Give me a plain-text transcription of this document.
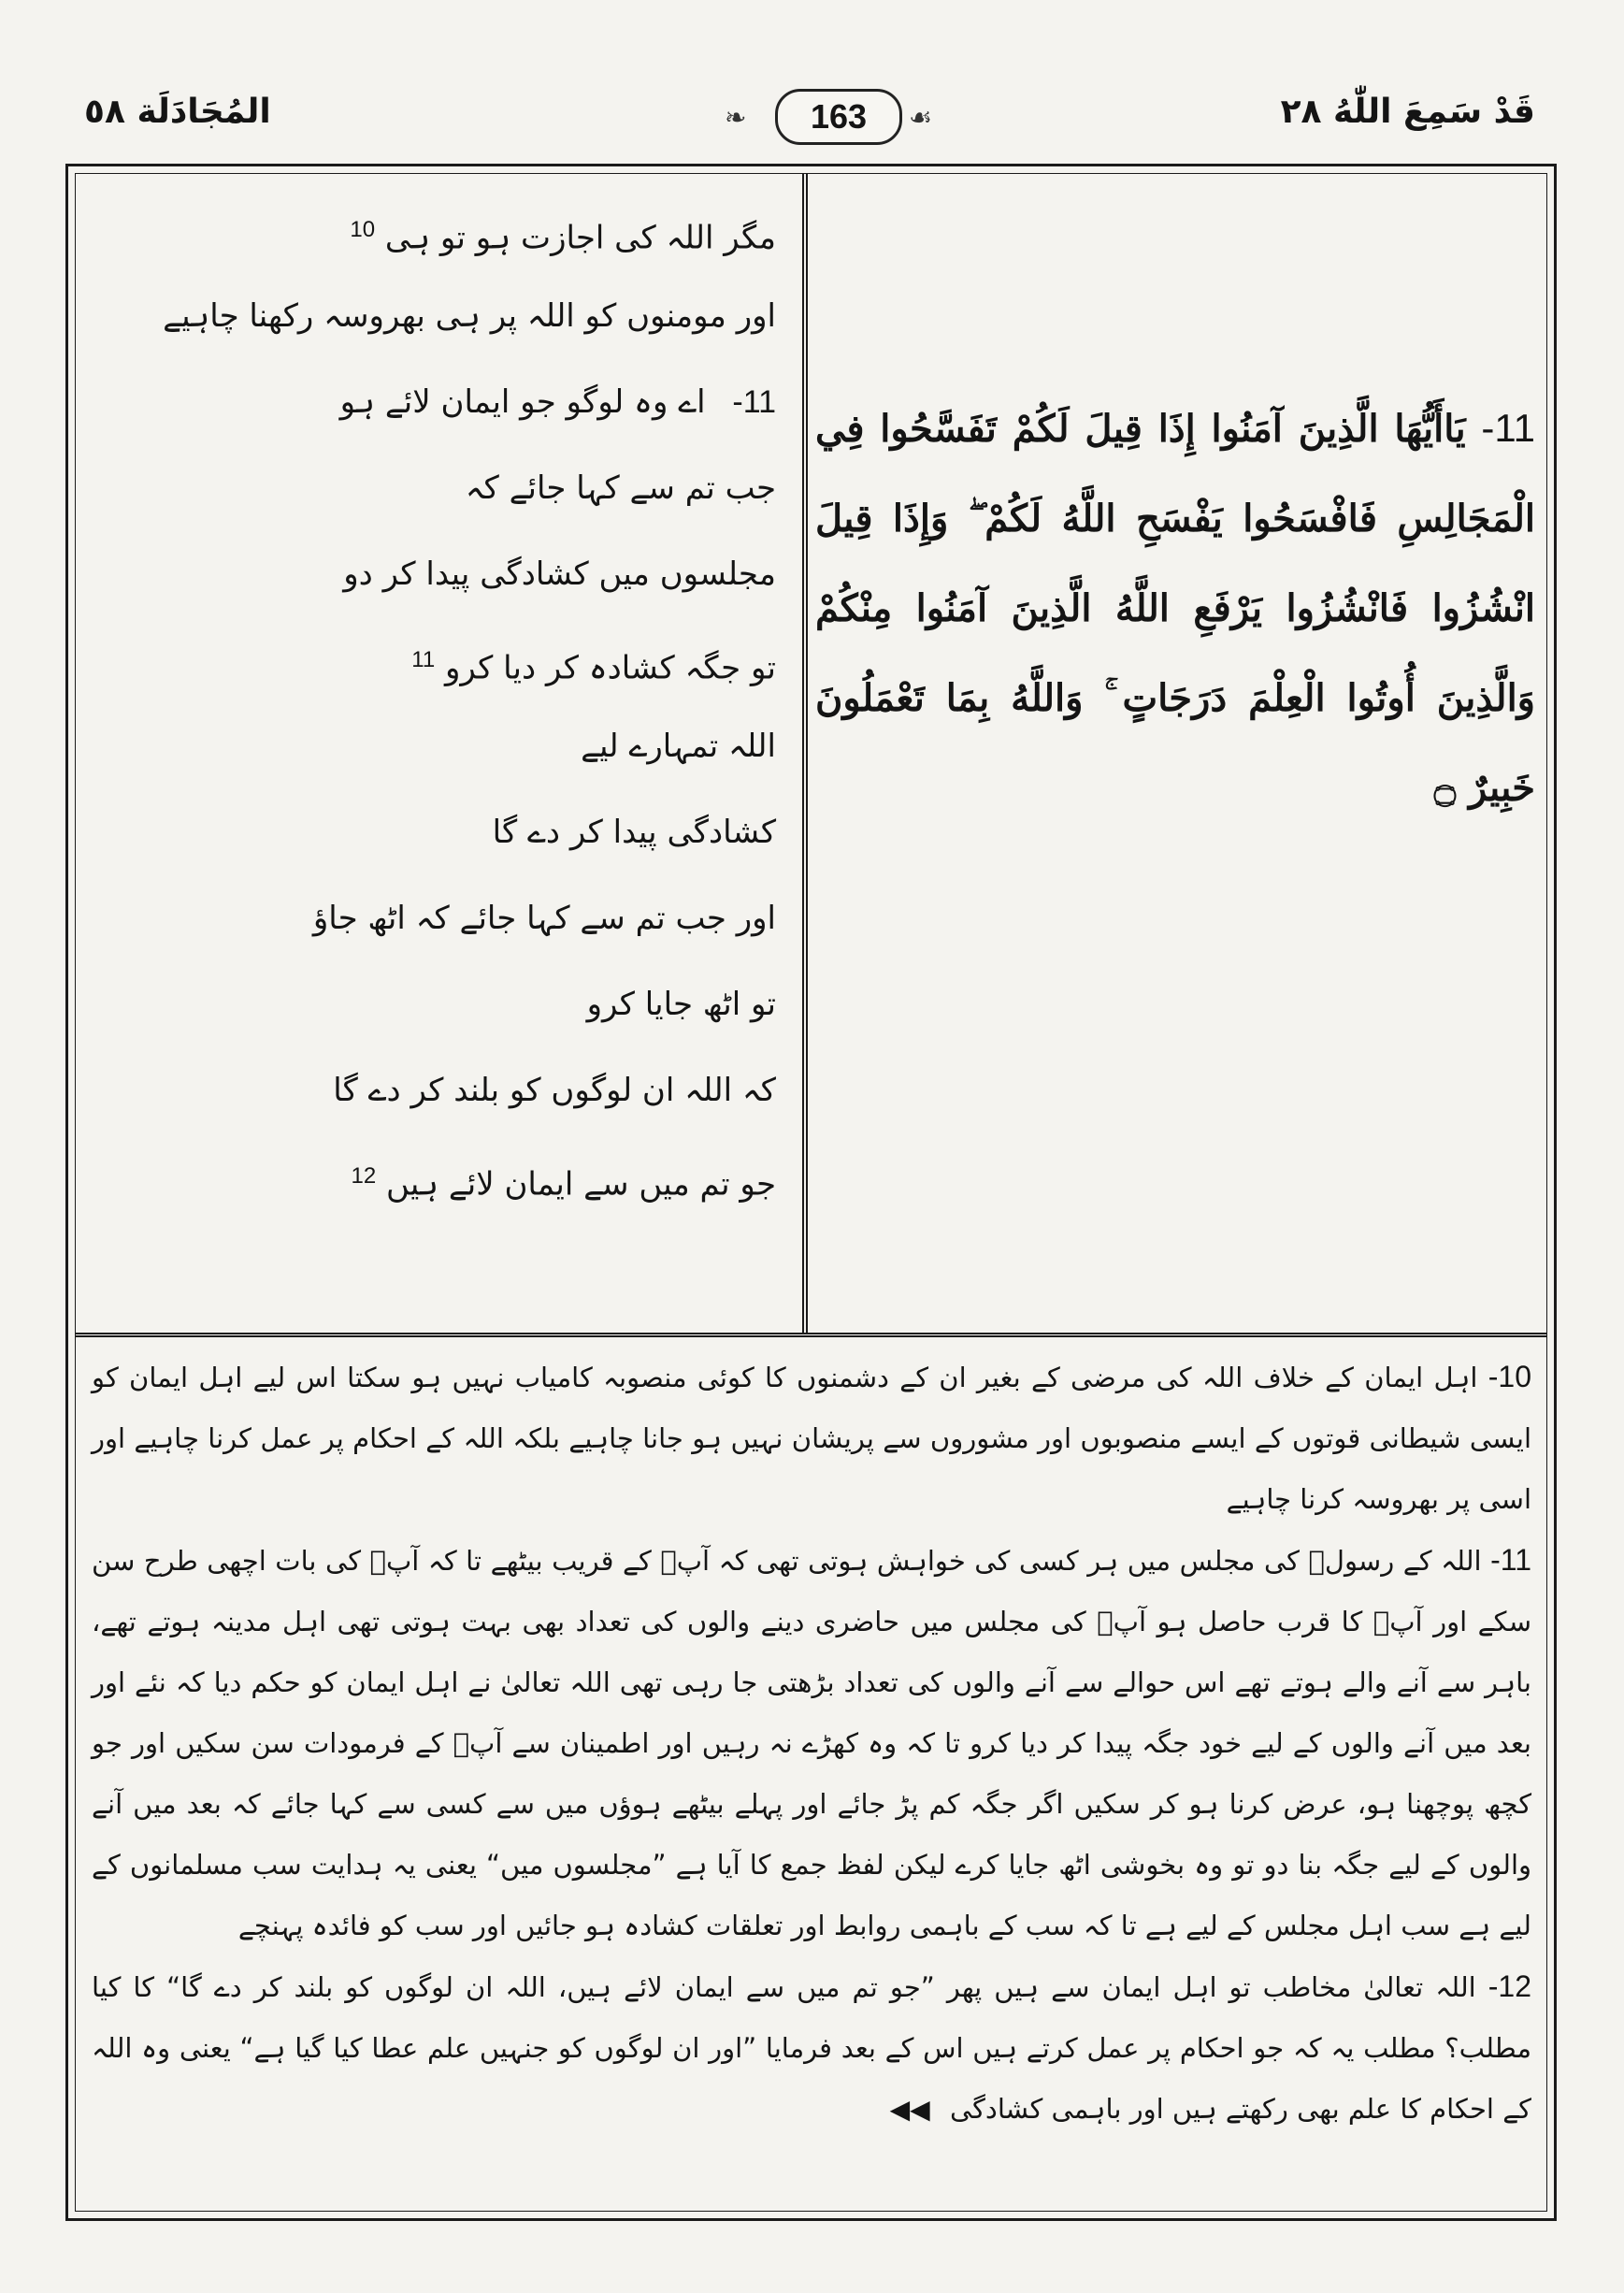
المُجَادَلَة ٥٨	❧	163	☙	قَدْ سَمِعَ اللّٰهُ ٢٨
11- يَاأَيُّهَا الَّذِينَ آمَنُوا إِذَا قِيلَ لَكُمْ تَفَسَّحُوا فِي الْمَجَالِسِ فَافْسَحُوا يَفْسَحِ اللَّهُ لَكُمْ ۖ وَإِذَا قِيلَ انْشُزُوا فَانْشُزُوا يَرْفَعِ اللَّهُ الَّذِينَ آمَنُوا مِنْكُمْ وَالَّذِينَ أُوتُوا الْعِلْمَ دَرَجَاتٍ ۚ وَاللَّهُ بِمَا تَعْمَلُونَ خَبِيرٌ ۝
مگر اللہ کی اجازت ہو تو ہی $^{10}$
اور مومنوں کو اللہ پر ہی بھروسہ رکھنا چاہیے
11- اے وہ لوگو جو ایمان لائے ہو
جب تم سے کہا جائے کہ
مجلسوں میں کشادگی پیدا کر دو
تو جگہ کشادہ کر دیا کرو $^{11}$
اللہ تمہارے لیے
کشادگی پیدا کر دے گا
اور جب تم سے کہا جائے کہ اٹھ جاؤ
تو اٹھ جایا کرو
کہ اللہ ان لوگوں کو بلند کر دے گا
جو تم میں سے ایمان لائے ہیں $^{12}$

10- اہل ایمان کے خلاف اللہ کی مرضی کے بغیر ان کے دشمنوں کا کوئی منصوبہ کامیاب نہیں ہو سکتا اس لیے اہل ایمان کو ایسی شیطانی قوتوں کے ایسے منصوبوں اور مشوروں سے پریشان نہیں ہو جانا چاہیے بلکہ اللہ کے احکام پر عمل کرنا چاہیے اور اسی پر بھروسہ کرنا چاہیے

11- اللہ کے رسولؐ کی مجلس میں ہر کسی کی خواہش ہوتی تھی کہ آپؐ کے قریب بیٹھے تا کہ آپؐ کی بات اچھی طرح سن سکے اور آپؐ کا قرب حاصل ہو آپؐ کی مجلس میں حاضری دینے والوں کی تعداد بھی بہت ہوتی تھی اہل مدینہ ہوتے تھے، باہر سے آنے والے ہوتے تھے اس حوالے سے آنے والوں کی تعداد بڑھتی جا رہی تھی اللہ تعالیٰ نے اہل ایمان کو حکم دیا کہ نئے اور بعد میں آنے والوں کے لیے خود جگہ پیدا کر دیا کرو تا کہ وہ کھڑے نہ رہیں اور اطمینان سے آپؐ کے فرمودات سن سکیں اور جو کچھ پوچھنا ہو، عرض کرنا ہو کر سکیں اگر جگہ کم پڑ جائے اور پہلے بیٹھے ہوؤں میں سے کسی سے کہا جائے کہ بعد میں آنے والوں کے لیے جگہ بنا دو تو وہ بخوشی اٹھ جایا کرے لیکن لفظ جمع کا آیا ہے ”مجلسوں میں“ یعنی یہ ہدایت سب مسلمانوں کے لیے ہے سب اہل مجلس کے لیے ہے تا کہ سب کے باہمی روابط اور تعلقات کشادہ ہو جائیں اور سب کو فائدہ پہنچے

12- اللہ تعالیٰ مخاطب تو اہل ایمان سے ہیں پھر ”جو تم میں سے ایمان لائے ہیں، اللہ ان لوگوں کو بلند کر دے گا“ کا کیا مطلب؟ مطلب یہ کہ جو احکام پر عمل کرتے ہیں اس کے بعد فرمایا ”اور ان لوگوں کو جنہیں علم عطا کیا گیا ہے“ یعنی وہ اللہ کے احکام کا علم بھی رکھتے ہیں اور باہمی کشادگی ◀◀
